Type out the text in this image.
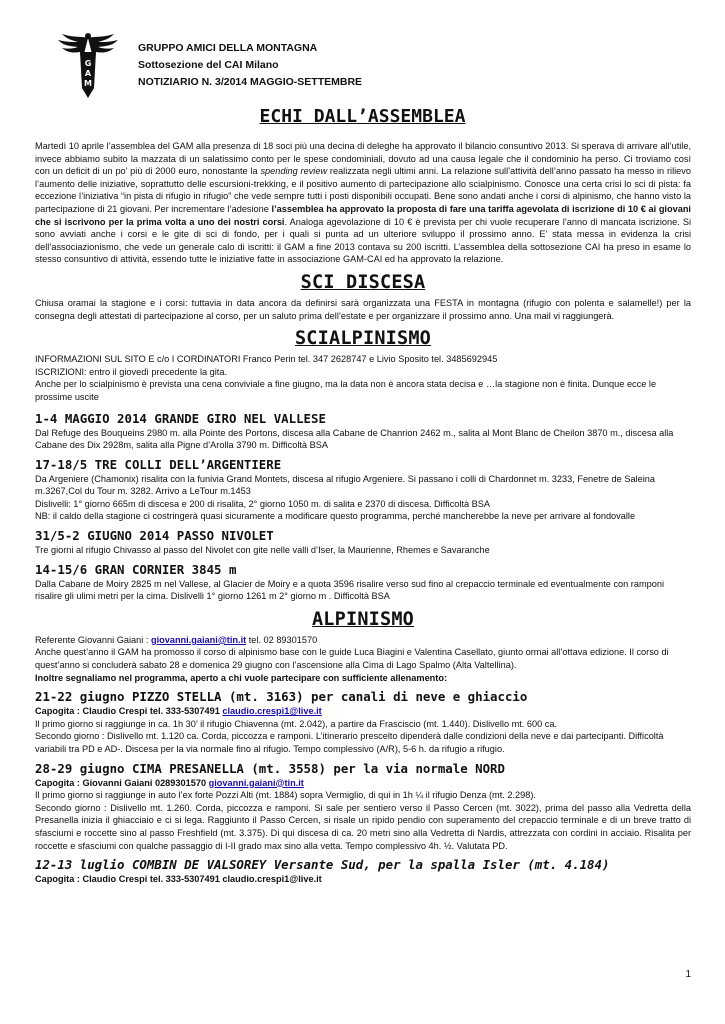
G
A
M
GRUPPO AMICI DELLA MONTAGNA
Sottosezione del CAI Milano
NOTIZIARIO N. 3/2014 MAGGIO-SETTEMBRE
ECHI DALL’ASSEMBLEA

Martedì 10 aprile l’assemblea del GAM alla presenza di 18 soci più una decina di deleghe ha approvato il bilancio consuntivo 2013. Si sperava di arrivare all’utile, invece abbiamo subito la mazzata di un salatissimo conto per le spese condominiali, dovuto ad una causa legale che il condominio ha perso. Ci troviamo così con un deficit di un po’ più di 2000 euro, nonostante la spending review realizzata negli ultimi anni. La relazione sull’attività dell’anno passato ha messo in rilievo l’aumento delle iniziative, soprattutto delle escursioni-trekking, e il positivo aumento di partecipazione allo scialpinismo. Conosce una certa crisi lo sci di pista: fa eccezione l’iniziativa “in pista di rifugio in rifugio” che vede sempre tutti i posti disponibili occupati. Bene sono andati anche i corsi di alpinismo, che hanno visto la partecipazione di 21 giovani. Per incrementare l’adesione l’assemblea ha approvato la proposta di fare una tariffa agevolata di iscrizione di 10 € ai giovani che si iscrivono per la prima volta a uno dei nostri corsi. Analoga agevolazione di 10 € è prevista per chi vuole recuperare l’anno di mancata iscrizione. Si sono avviati anche i corsi e le gite di sci di fondo, per i quali si punta ad un ulteriore sviluppo il prossimo anno. E’ stata messa in evidenza la crisi dell’associazionismo, che vede un generale calo di iscritti: il GAM a fine 2013 contava su 200 iscritti. L’assemblea della sottosezione CAI ha preso in esame lo stesso consuntivo di attività, essendo tutte le iniziative fatte in associazione GAM-CAI ed ha approvato la relazione.

SCI DISCESA

Chiusa oramai la stagione e i corsi: tuttavia in data ancora da definirsi sarà organizzata una FESTA in montagna (rifugio con polenta e salamelle!) per la consegna degli attestati di partecipazione al corso, per un saluto prima dell’estate e per organizzare il prossimo anno. Una mail vi raggiungerà.

SCIALPINISMO

INFORMAZIONI SUL SITO E c/o I CORDINATORI Franco Perin tel. 347 2628747 e Livio Sposito tel. 3485692945

ISCRIZIONI: entro il giovedì precedente la gita.

Anche per lo scialpinismo è prevista una cena conviviale a fine giugno, ma la data non è ancora stata decisa e …la stagione non è finita. Dunque ecce le prossime uscite

1-4 MAGGIO 2014 GRANDE GIRO NEL VALLESE

Dal Refuge des Bouqueins 2980 m. alla Pointe des Portons, discesa alla Cabane de Chanrion 2462 m., salita al Mont Blanc de Cheilon 3870 m., discesa alla Cabane des Dix 2928m, salita alla Pigne d’Arolla 3790 m. Difficoltà BSA

17-18/5 TRE COLLI DELL’ARGENTIERE

Da Argeniere (Chamonix) risalita con la funivia Grand Montets, discesa al rifugio Argeniere. Si passano i colli di Chardonnet m. 3233, Fenetre de Saleina m.3267,Col du Tour m. 3282. Arrivo a LeTour m.1453

Dislivelli: 1° giorno 665m di discesa e 200 di risalita, 2° giorno 1050 m. di salita e 2370 di discesa. Difficoltà BSA

NB: il caldo della stagione ci costringerà quasi sicuramente a modificare questo programma, perché mancherebbe la neve per arrivare al fondovalle

31/5-2 GIUGNO 2014 PASSO NIVOLET

Tre giorni al rifugio Chivasso al passo del Nivolet con gite nelle valli d’Iser, la Maurienne, Rhemes e Savaranche

14-15/6 GRAN CORNIER 3845 m

Dalla Cabane de Moiry 2825 m nel Vallese, al Glacier de Moiry e a quota 3596 risalire verso sud fino al crepaccio terminale ed eventualmente con ramponi risalire gli ulimi metri per la cima. Dislivelli 1° giorno 1261 m 2° giorno m . Difficoltà BSA

ALPINISMO

Referente Giovanni Gaiani : giovanni.gaiani@tin.it tel. 02 89301570

Anche quest’anno il GAM ha promosso il corso di alpinismo base con le guide Luca Biagini e Valentina Casellato, giunto ormai all’ottava edizione. Il corso di quest’anno si concluderà sabato 28 e domenica 29 giugno con l’ascensione alla Cima di Lago Spalmo (Alta Valtellina).

Inoltre segnaliamo nel programma, aperto a chi vuole partecipare con sufficiente allenamento:

21-22 giugno PIZZO STELLA (mt. 3163) per canali di neve e ghiaccio

Capogita : Claudio Crespi tel. 333-5307491 claudio.crespi1@live.it

Il primo giorno si raggiunge in ca. 1h 30’ il rifugio Chiavenna (mt. 2.042), a partire da Frasciscio (mt. 1.440). Dislivello mt. 600 ca.

Secondo giorno : Dislivello mt. 1.120 ca. Corda, piccozza e ramponi. L’itinerario prescelto dipenderà dalle condizioni della neve e dai partecipanti. Difficoltà variabili tra PD e AD-. Discesa per la via normale fino al rifugio. Tempo complessivo (A/R), 5-6 h. da rifugio a rifugio.

28-29 giugno CIMA PRESANELLA (mt. 3558) per la via normale NORD

Capogita : Giovanni Gaiani 0289301570 giovanni.gaiani@tin.it

Il primo giorno si raggiunge in auto l’ex forte Pozzi Alti (mt. 1884) sopra Vermiglio, di qui in 1h ¼ il rifugio Denza (mt. 2.298).

Secondo giorno : Dislivello mt. 1.260. Corda, piccozza e ramponi. Si sale per sentiero verso il Passo Cercen (mt. 3022), prima del passo alla Vedretta della Presanella inizia il ghiacciaio e ci si lega. Raggiunto il Passo Cercen, si risale un ripido pendio con superamento del crepaccio terminale e di un breve tratto di sfasciumi e roccette sino al passo Freshfield (mt. 3.375). Di qui discesa di ca. 20 metri sino alla Vedretta di Nardis, attrezzata con cordini in acciaio. Risalita per roccette e sfasciumi con qualche passaggio di I-II grado max sino alla vetta. Tempo complessivo 4h. ½. Valutata PD.

12-13 luglio COMBIN DE VALSOREY Versante Sud, per la spalla Isler (mt. 4.184)

Capogita : Claudio Crespi tel. 333-5307491 claudio.crespi1@live.it

1
